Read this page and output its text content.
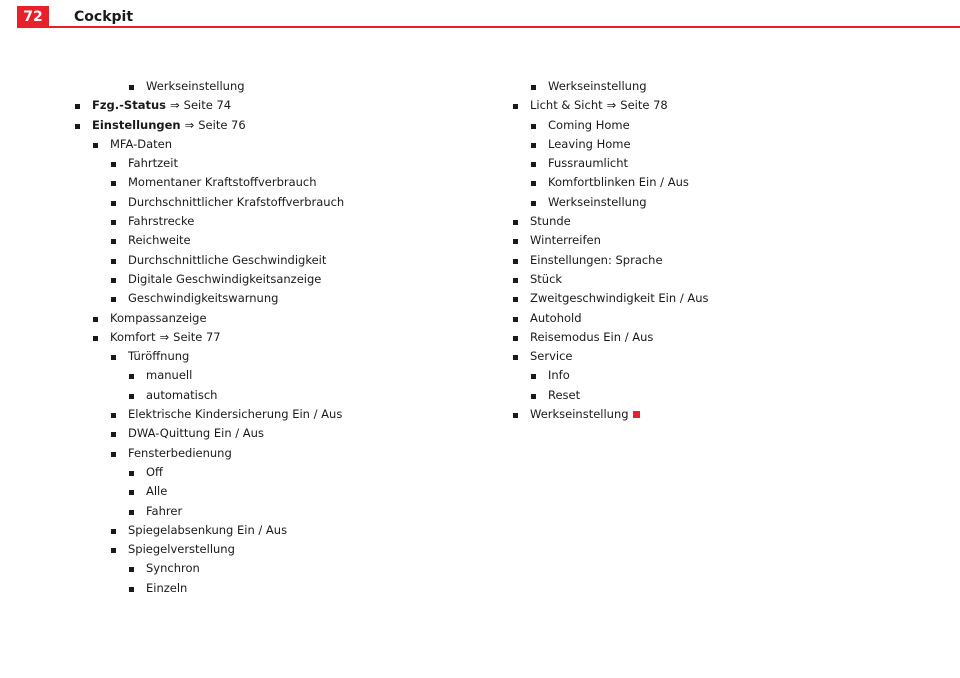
72	Cockpit
Werkseinstellung
Fzg.-Status ⇒ Seite 74
Einstellungen ⇒ Seite 76
MFA-Daten
Fahrtzeit
Momentaner Kraftstoffverbrauch
Durchschnittlicher Krafstoffverbrauch
Fahrstrecke
Reichweite
Durchschnittliche Geschwindigkeit
Digitale Geschwindigkeitsanzeige
Geschwindigkeitswarnung
Kompassanzeige
Komfort ⇒ Seite 77
Türöffnung
manuell
automatisch
Elektrische Kindersicherung Ein / Aus
DWA-Quittung Ein / Aus
Fensterbedienung
Off
Alle
Fahrer
Spiegelabsenkung Ein / Aus
Spiegelverstellung
Synchron
Einzeln
Werkseinstellung
Licht & Sicht ⇒ Seite 78
Coming Home
Leaving Home
Fussraumlicht
Komfortblinken Ein / Aus
Werkseinstellung
Stunde
Winterreifen
Einstellungen: Sprache
Stück
Zweitgeschwindigkeit Ein / Aus
Autohold
Reisemodus Ein / Aus
Service
Info
Reset
Werkseinstellung
